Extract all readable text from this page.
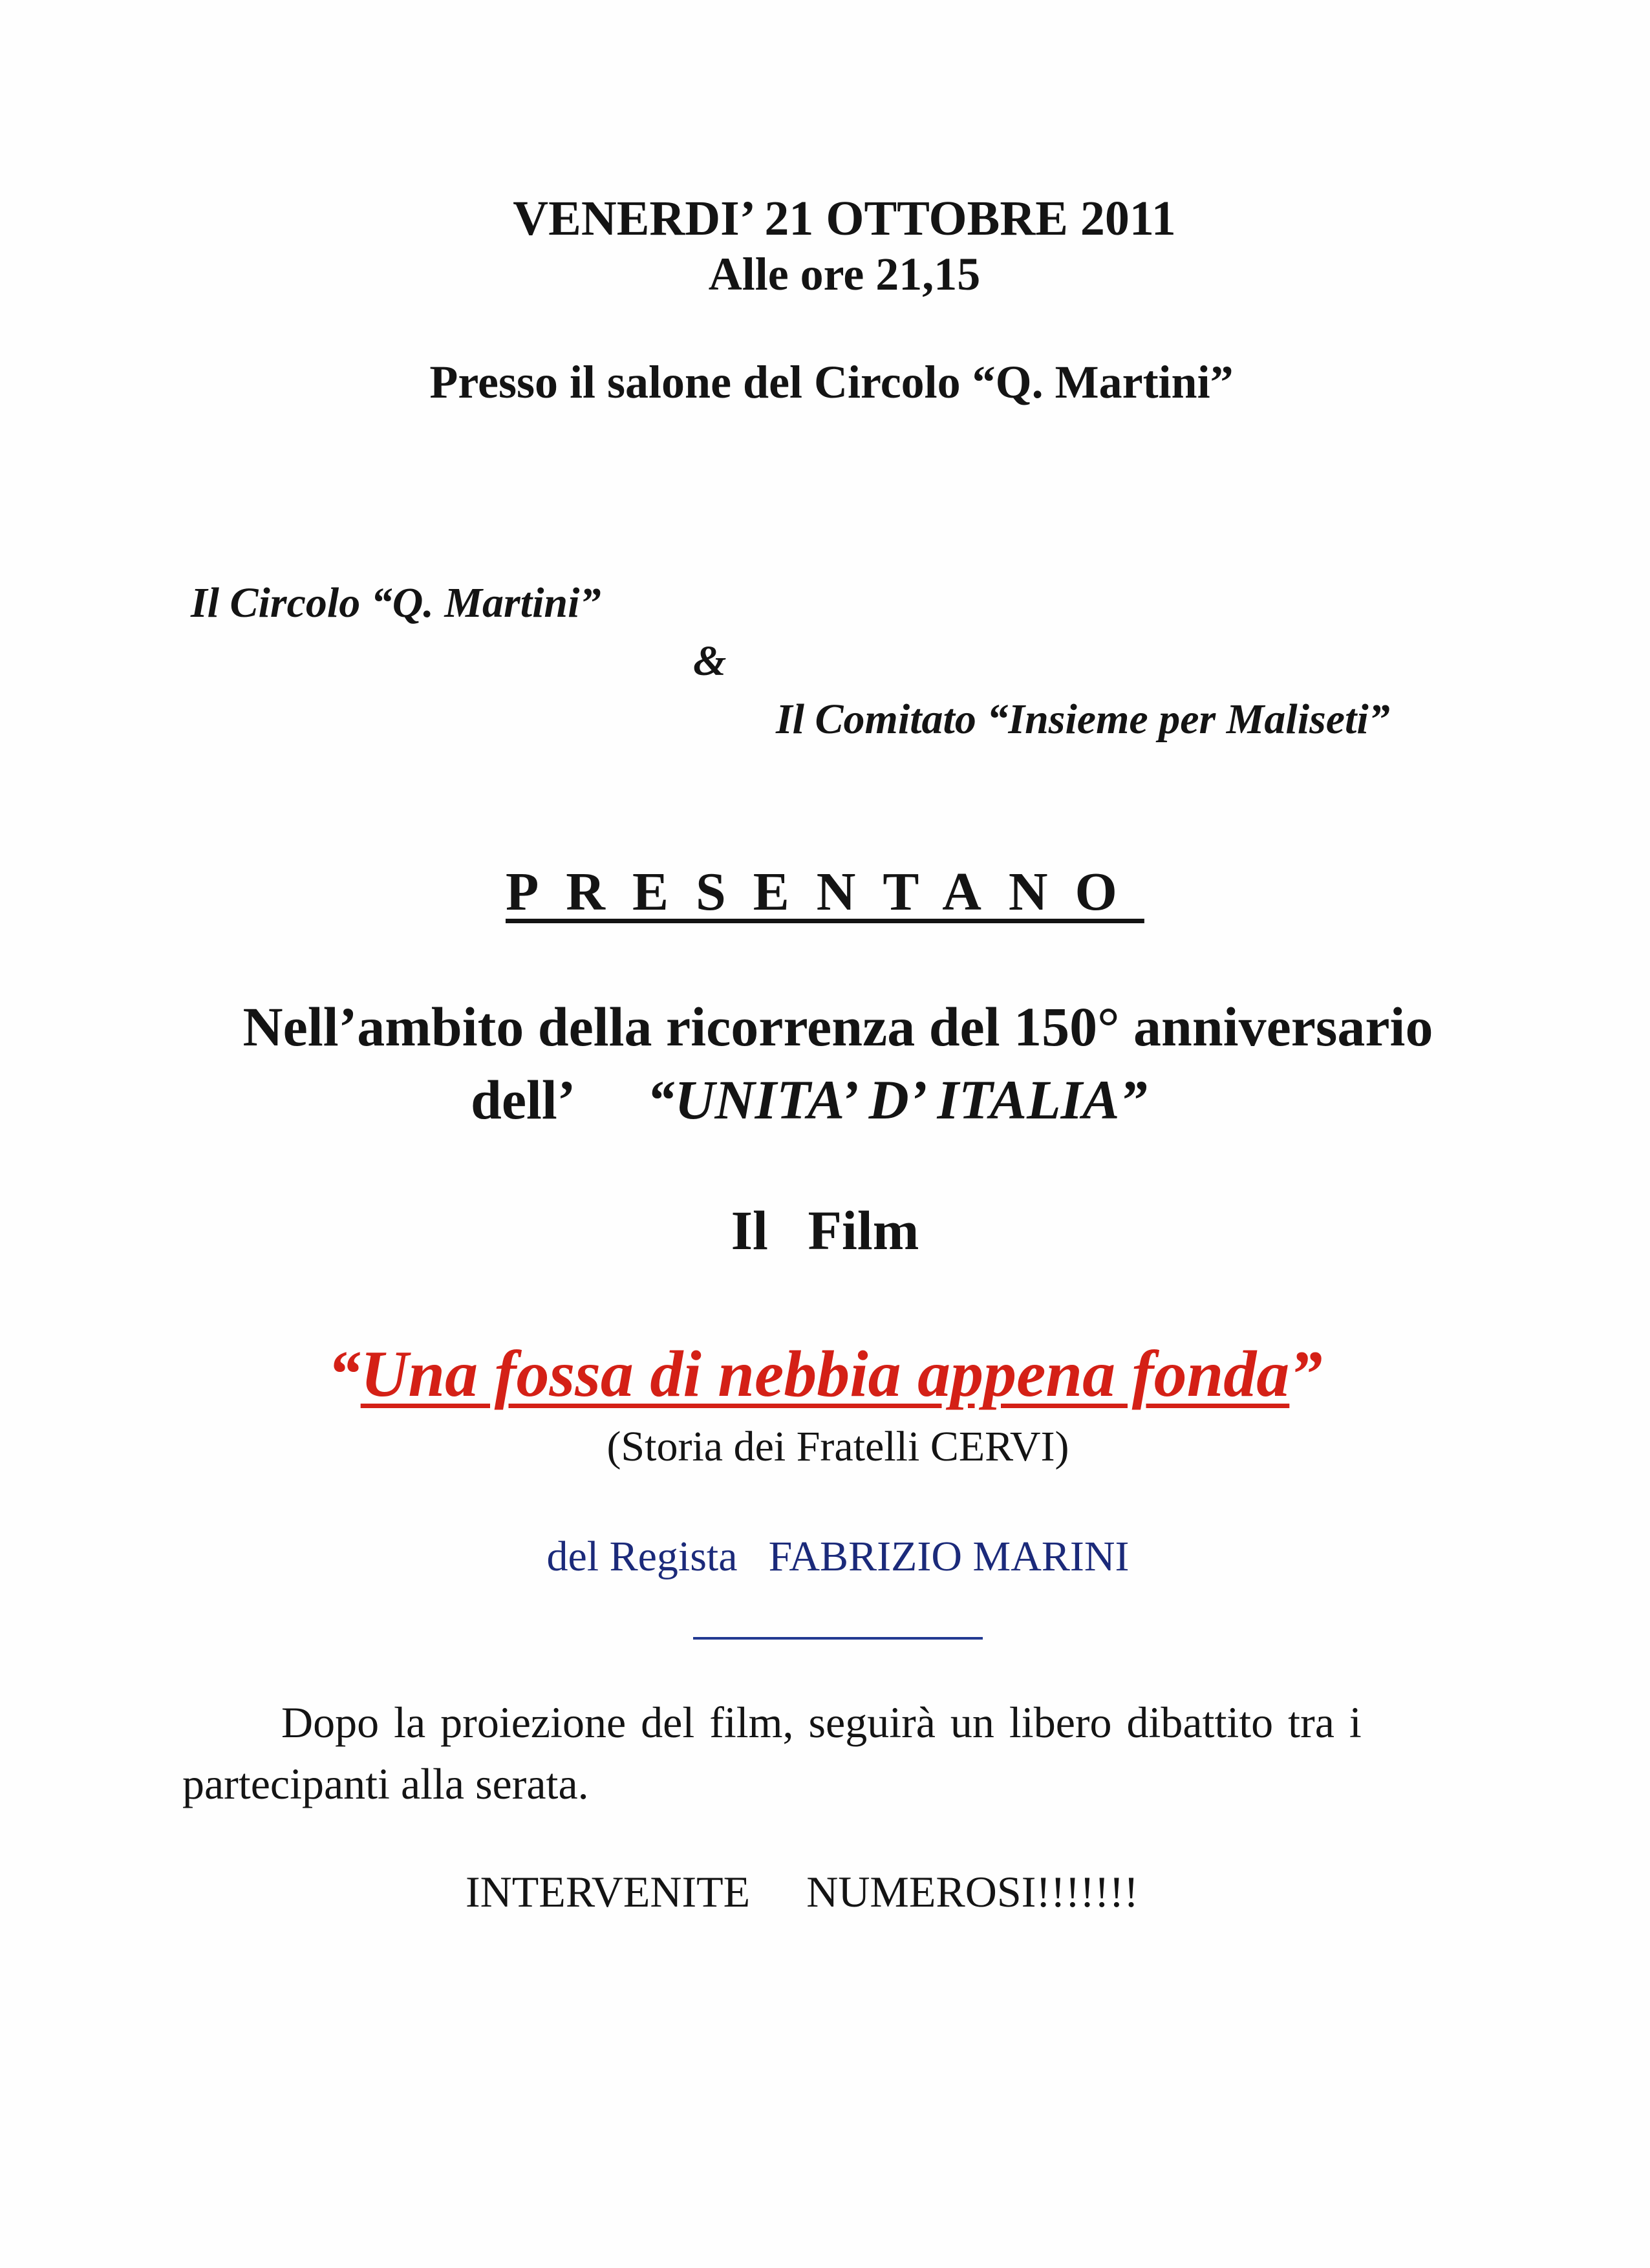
VENERDI’ 21 OTTOBRE 2011
Alle ore 21,15
Presso il salone del Circolo “Q. Martini”
Il Circolo “Q. Martini”
&
Il Comitato “Insieme per Maliseti”
PRESENTANO
Nell’ambito della ricorrenza del 150° anniversario
dell’ “UNITA’ D’ ITALIA”
Il Film
“Una fossa di nebbia appena fonda”
(Storia dei Fratelli CERVI)
del Regista FABRIZIO MARINI
Dopo la proiezione del film, seguirà un libero dibattito tra i
partecipanti alla serata.
INTERVENITE NUMEROSI!!!!!!!
